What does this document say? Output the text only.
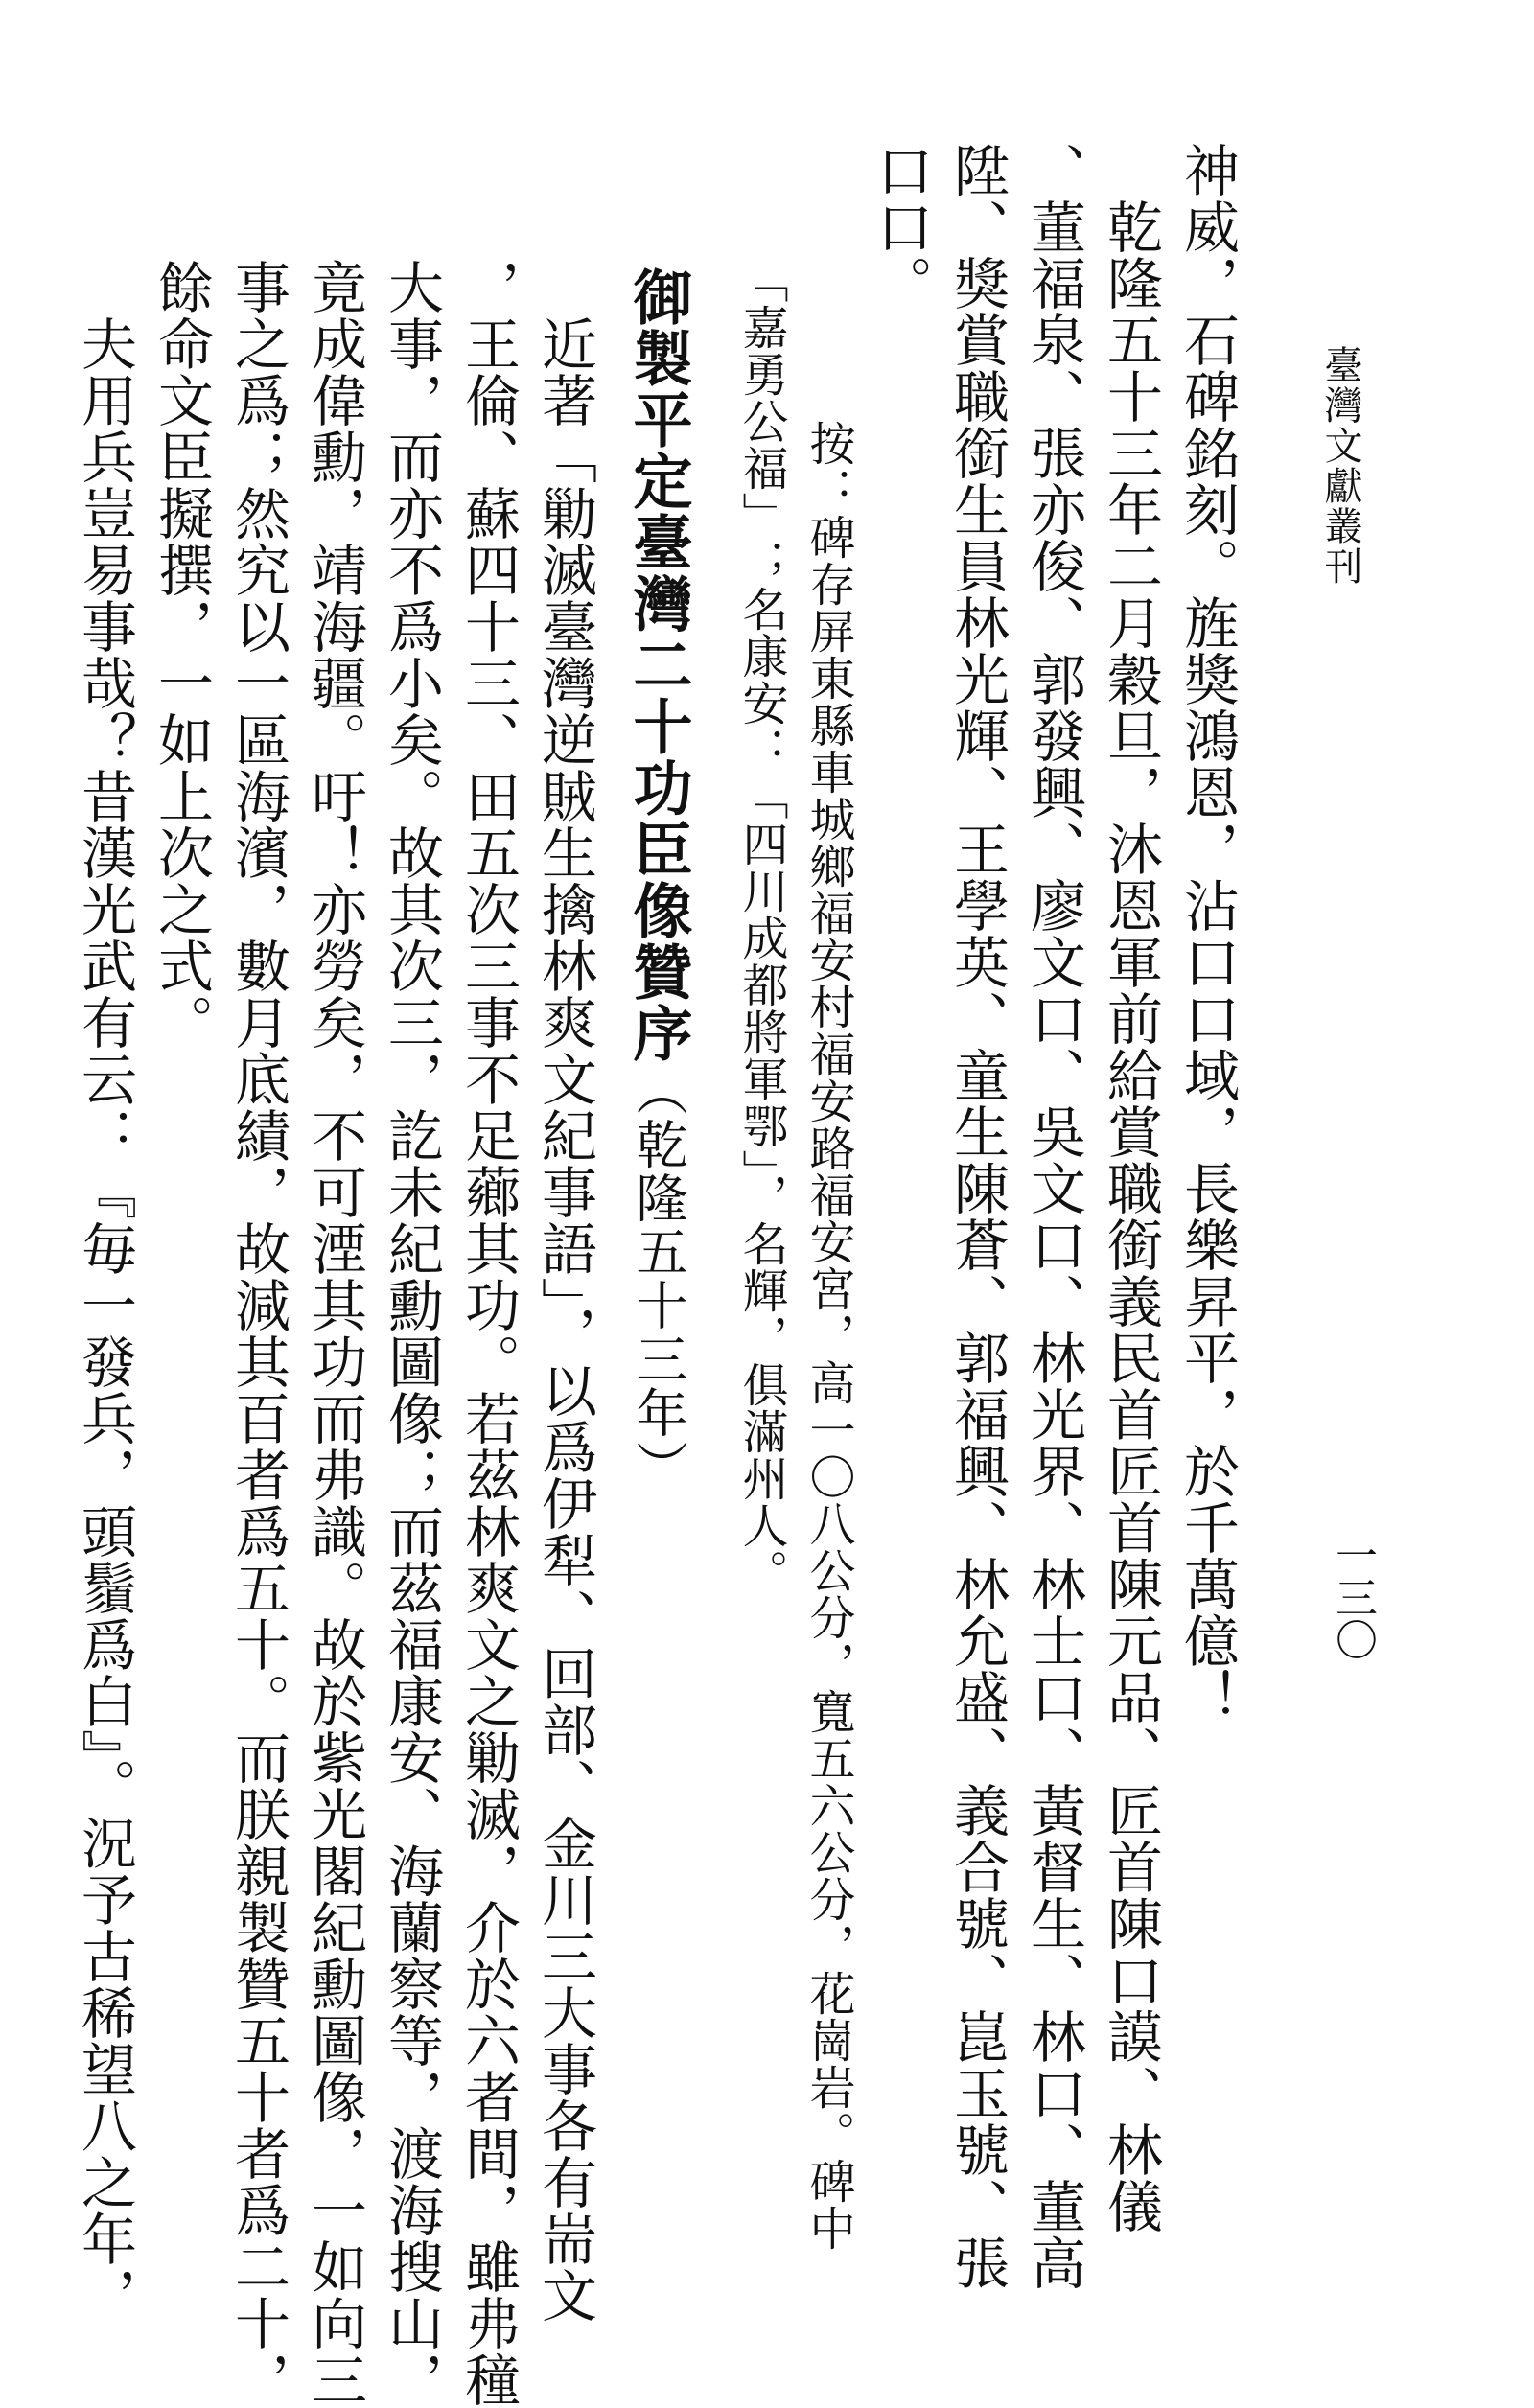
臺灣文獻叢刊
一三〇

神威，石碑銘刻。旌獎鴻恩，沾口口域，長樂昇平，於千萬億！

　乾隆五十三年二月穀旦，沐恩軍前給賞職銜義民首匠首陳元品、匠首陳口謨、林儀

、董福泉、張亦俊、郭發興、廖文口、吳文口、林光界、林士口、黃督生、林口、董高

陞、獎賞職銜生員林光輝、王學英、童生陳蒼、郭福興、林允盛、義合號、崑玉號、張

口口。

　　按：碑存屏東縣車城鄉福安村福安路福安宮，高一〇八公分，寬五六公分，花崗岩。碑中

「嘉勇公福」；名康安：「四川成都將軍鄂」，名輝，俱滿州人。

御製平定臺灣二十功臣像贊序（乾隆五十三年）

　近著「勦滅臺灣逆賊生擒林爽文紀事語」，以爲伊犁、回部、金川三大事各有耑文

，王倫、蘇四十三、田五次三事不足薌其功。若茲林爽文之勦滅，介於六者間，雖弗穜

大事，而亦不爲小矣。故其次三，訖未紀勳圖像；而茲福康安、海蘭察等，渡海搜山，

竟成偉勳，靖海疆。吁！亦勞矣，不可湮其功而弗識。故於紫光閣紀勳圖像，一如向三

事之爲；然究以一區海濱，數月底績，故減其百者爲五十。而朕親製贊五十者爲二十，

餘命文臣擬撰，一如上次之式。

　夫用兵豈易事哉？昔漢光武有云：『毎一發兵，頭鬚爲白』。況予古稀望八之年，
